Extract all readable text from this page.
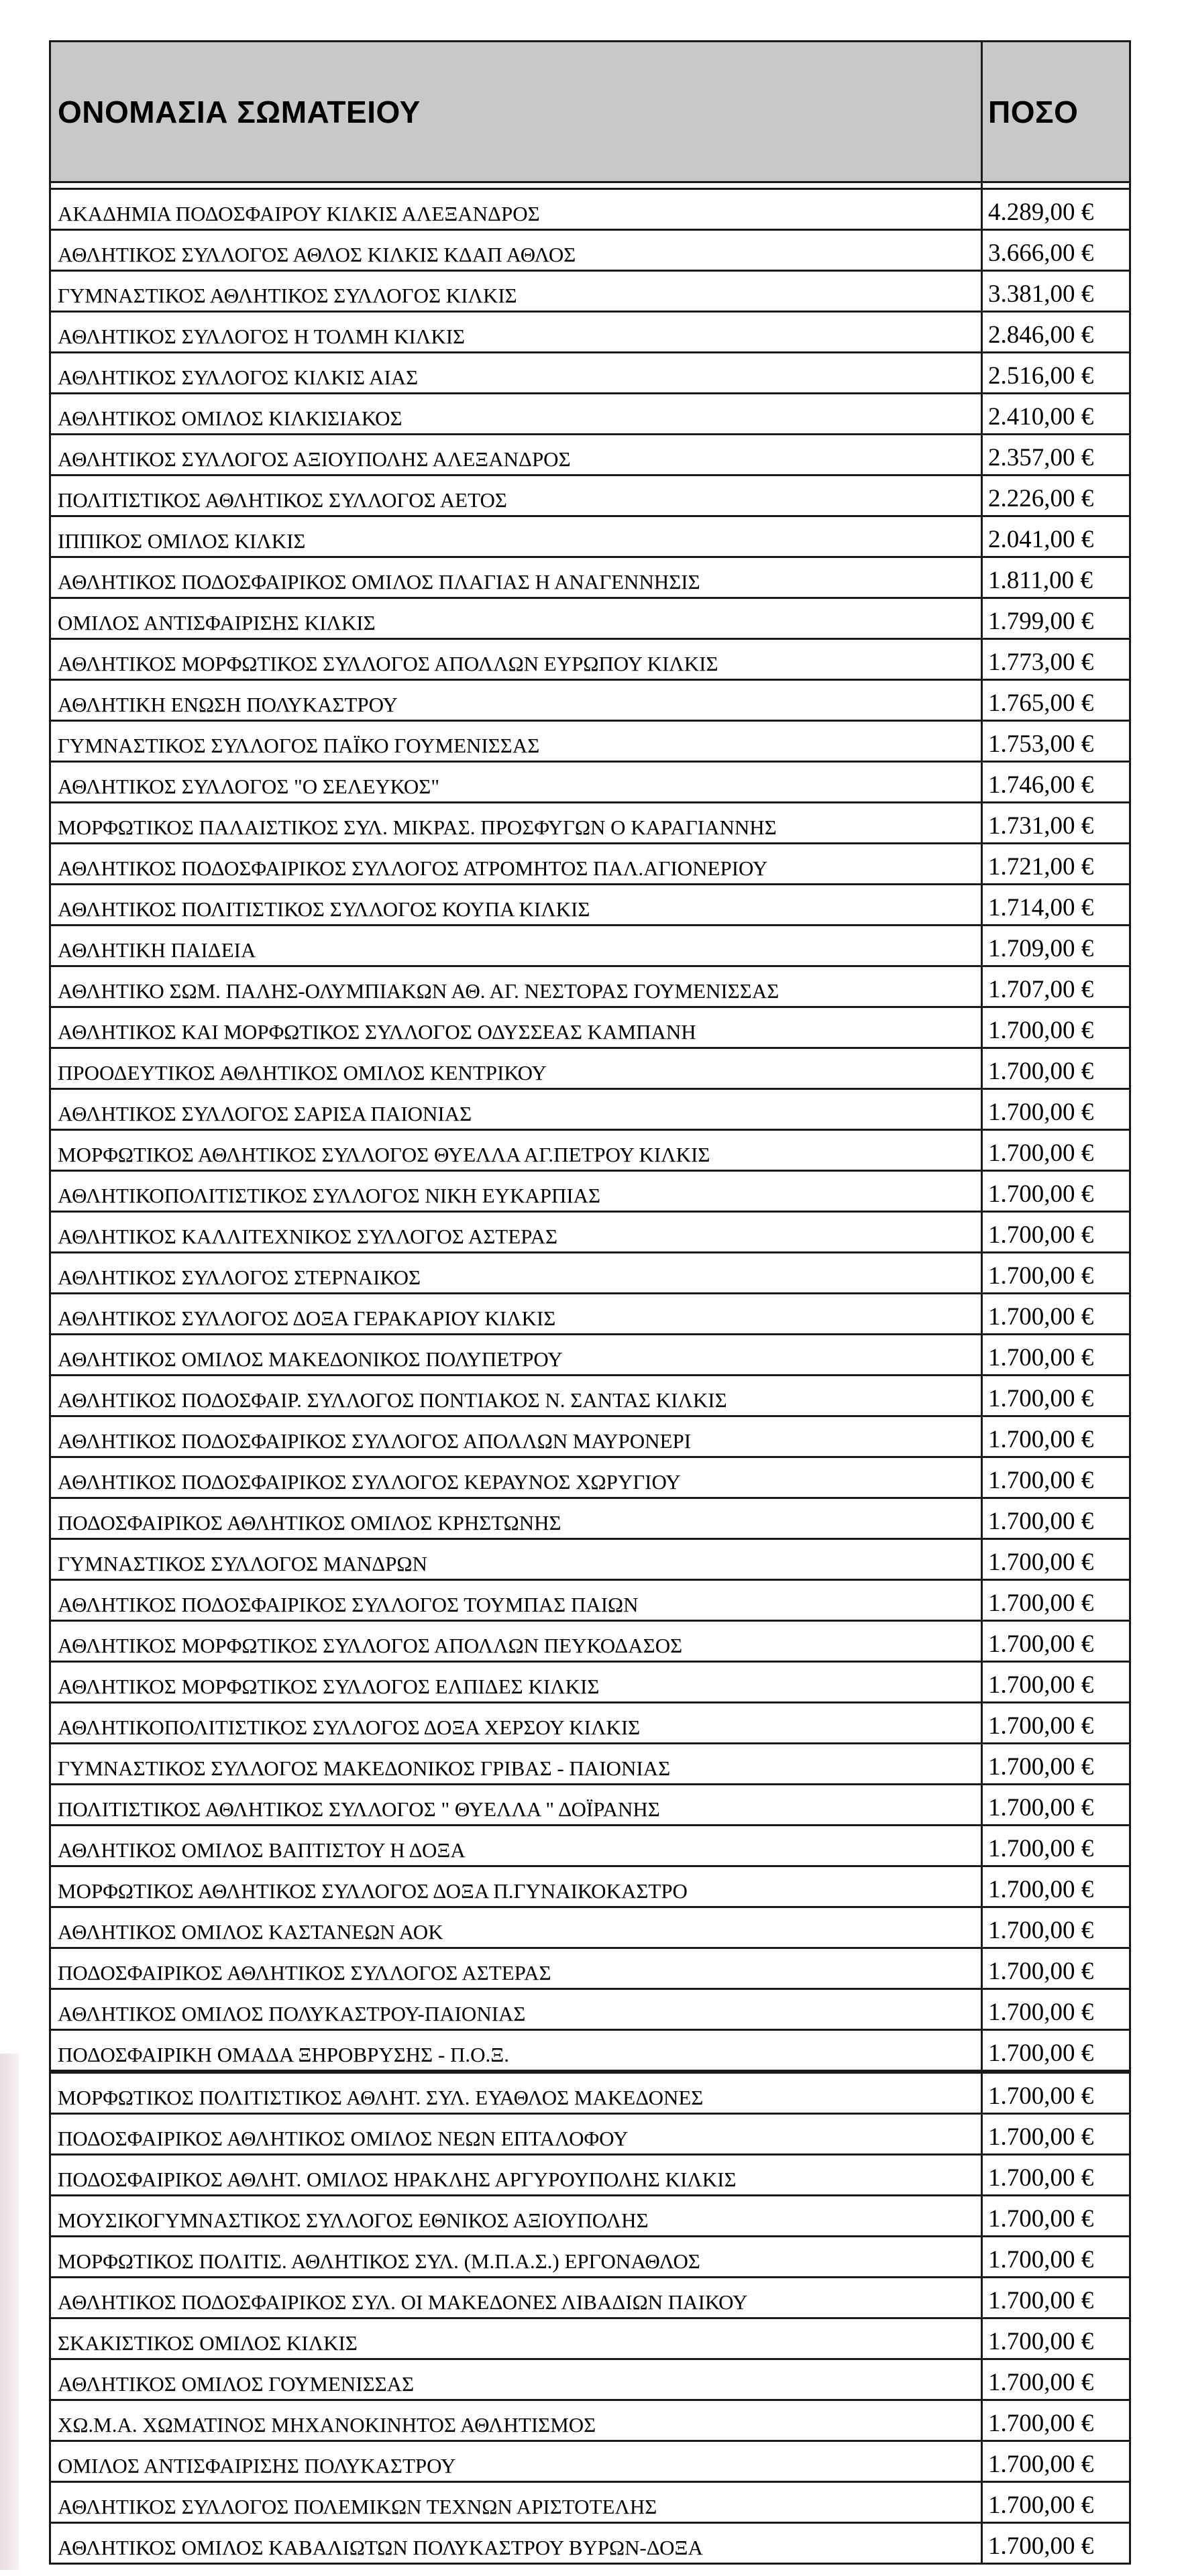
ΟΝΟΜΑΣΙΑ ΣΩΜΑΤΕΙΟΥ	ΠΟΣΟ

ΑΚΑΔΗΜΙΑ ΠΟΔΟΣΦΑΙΡΟΥ ΚΙΛΚΙΣ ΑΛΕΞΑΝΔΡΟΣ	4.289,00 €
ΑΘΛΗΤΙΚΟΣ ΣΥΛΛΟΓΟΣ ΑΘΛΟΣ ΚΙΛΚΙΣ ΚΔΑΠ ΑΘΛΟΣ	3.666,00 €
ΓΥΜΝΑΣΤΙΚΟΣ ΑΘΛΗΤΙΚΟΣ ΣΥΛΛΟΓΟΣ ΚΙΛΚΙΣ	3.381,00 €
ΑΘΛΗΤΙΚΟΣ ΣΥΛΛΟΓΟΣ Η ΤΟΛΜΗ ΚΙΛΚΙΣ	2.846,00 €
ΑΘΛΗΤΙΚΟΣ ΣΥΛΛΟΓΟΣ ΚΙΛΚΙΣ ΑΙΑΣ	2.516,00 €
ΑΘΛΗΤΙΚΟΣ ΟΜΙΛΟΣ ΚΙΛΚΙΣΙΑΚΟΣ	2.410,00 €
ΑΘΛΗΤΙΚΟΣ ΣΥΛΛΟΓΟΣ ΑΞΙΟΥΠΟΛΗΣ ΑΛΕΞΑΝΔΡΟΣ	2.357,00 €
ΠΟΛΙΤΙΣΤΙΚΟΣ ΑΘΛΗΤΙΚΟΣ ΣΥΛΛΟΓΟΣ ΑΕΤΟΣ	2.226,00 €
ΙΠΠΙΚΟΣ ΟΜΙΛΟΣ ΚΙΛΚΙΣ	2.041,00 €
ΑΘΛΗΤΙΚΟΣ ΠΟΔΟΣΦΑΙΡΙΚΟΣ ΟΜΙΛΟΣ ΠΛΑΓΙΑΣ Η ΑΝΑΓΕΝΝΗΣΙΣ	1.811,00 €
ΟΜΙΛΟΣ ΑΝΤΙΣΦΑΙΡΙΣΗΣ ΚΙΛΚΙΣ	1.799,00 €
ΑΘΛΗΤΙΚΟΣ ΜΟΡΦΩΤΙΚΟΣ ΣΥΛΛΟΓΟΣ ΑΠΟΛΛΩΝ ΕΥΡΩΠΟΥ ΚΙΛΚΙΣ	1.773,00 €
ΑΘΛΗΤΙΚΗ ΕΝΩΣΗ ΠΟΛΥΚΑΣΤΡΟΥ	1.765,00 €
ΓΥΜΝΑΣΤΙΚΟΣ ΣΥΛΛΟΓΟΣ ΠΑΪΚΟ ΓΟΥΜΕΝΙΣΣΑΣ	1.753,00 €
ΑΘΛΗΤΙΚΟΣ ΣΥΛΛΟΓΟΣ "Ο ΣΕΛΕΥΚΟΣ"	1.746,00 €
ΜΟΡΦΩΤΙΚΟΣ ΠΑΛΑΙΣΤΙΚΟΣ ΣΥΛ. ΜΙΚΡΑΣ. ΠΡΟΣΦΥΓΩΝ Ο ΚΑΡΑΓΙΑΝΝΗΣ	1.731,00 €
ΑΘΛΗΤΙΚΟΣ ΠΟΔΟΣΦΑΙΡΙΚΟΣ ΣΥΛΛΟΓΟΣ ΑΤΡΟΜΗΤΟΣ ΠΑΛ.ΑΓΙΟΝΕΡΙΟΥ	1.721,00 €
ΑΘΛΗΤΙΚΟΣ ΠΟΛΙΤΙΣΤΙΚΟΣ ΣΥΛΛΟΓΟΣ ΚΟΥΠΑ ΚΙΛΚΙΣ	1.714,00 €
ΑΘΛΗΤΙΚΗ ΠΑΙΔΕΙΑ	1.709,00 €
ΑΘΛΗΤΙΚΟ ΣΩΜ. ΠΑΛΗΣ-ΟΛΥΜΠΙΑΚΩΝ ΑΘ. ΑΓ. ΝΕΣΤΟΡΑΣ ΓΟΥΜΕΝΙΣΣΑΣ	1.707,00 €
ΑΘΛΗΤΙΚΟΣ ΚΑΙ ΜΟΡΦΩΤΙΚΟΣ ΣΥΛΛΟΓΟΣ ΟΔΥΣΣΕΑΣ ΚΑΜΠΑΝΗ	1.700,00 €
ΠΡΟΟΔΕΥΤΙΚΟΣ ΑΘΛΗΤΙΚΟΣ ΟΜΙΛΟΣ ΚΕΝΤΡΙΚΟΥ	1.700,00 €
ΑΘΛΗΤΙΚΟΣ ΣΥΛΛΟΓΟΣ ΣΑΡΙΣΑ ΠΑΙΟΝΙΑΣ	1.700,00 €
ΜΟΡΦΩΤΙΚΟΣ ΑΘΛΗΤΙΚΟΣ ΣΥΛΛΟΓΟΣ ΘΥΕΛΛΑ ΑΓ.ΠΕΤΡΟΥ ΚΙΛΚΙΣ	1.700,00 €
ΑΘΛΗΤΙΚΟΠΟΛΙΤΙΣΤΙΚΟΣ ΣΥΛΛΟΓΟΣ ΝΙΚΗ ΕΥΚΑΡΠΙΑΣ	1.700,00 €
ΑΘΛΗΤΙΚΟΣ ΚΑΛΛΙΤΕΧΝΙΚΟΣ ΣΥΛΛΟΓΟΣ ΑΣΤΕΡΑΣ	1.700,00 €
ΑΘΛΗΤΙΚΟΣ ΣΥΛΛΟΓΟΣ ΣΤΕΡΝΑΙΚΟΣ	1.700,00 €
ΑΘΛΗΤΙΚΟΣ ΣΥΛΛΟΓΟΣ ΔΟΞΑ ΓΕΡΑΚΑΡΙΟΥ ΚΙΛΚΙΣ	1.700,00 €
ΑΘΛΗΤΙΚΟΣ ΟΜΙΛΟΣ ΜΑΚΕΔΟΝΙΚΟΣ ΠΟΛΥΠΕΤΡΟΥ	1.700,00 €
ΑΘΛΗΤΙΚΟΣ ΠΟΔΟΣΦΑΙΡ. ΣΥΛΛΟΓΟΣ ΠΟΝΤΙΑΚΟΣ Ν. ΣΑΝΤΑΣ ΚΙΛΚΙΣ	1.700,00 €
ΑΘΛΗΤΙΚΟΣ ΠΟΔΟΣΦΑΙΡΙΚΟΣ ΣΥΛΛΟΓΟΣ ΑΠΟΛΛΩΝ ΜΑΥΡΟΝΕΡΙ	1.700,00 €
ΑΘΛΗΤΙΚΟΣ ΠΟΔΟΣΦΑΙΡΙΚΟΣ ΣΥΛΛΟΓΟΣ ΚΕΡΑΥΝΟΣ ΧΩΡΥΓΙΟΥ	1.700,00 €
ΠΟΔΟΣΦΑΙΡΙΚΟΣ ΑΘΛΗΤΙΚΟΣ ΟΜΙΛΟΣ ΚΡΗΣΤΩΝΗΣ	1.700,00 €
ΓΥΜΝΑΣΤΙΚΟΣ ΣΥΛΛΟΓΟΣ ΜΑΝΔΡΩΝ	1.700,00 €
ΑΘΛΗΤΙΚΟΣ ΠΟΔΟΣΦΑΙΡΙΚΟΣ ΣΥΛΛΟΓΟΣ ΤΟΥΜΠΑΣ ΠΑΙΩΝ	1.700,00 €
ΑΘΛΗΤΙΚΟΣ ΜΟΡΦΩΤΙΚΟΣ ΣΥΛΛΟΓΟΣ ΑΠΟΛΛΩΝ ΠΕΥΚΟΔΑΣΟΣ	1.700,00 €
ΑΘΛΗΤΙΚΟΣ ΜΟΡΦΩΤΙΚΟΣ ΣΥΛΛΟΓΟΣ ΕΛΠΙΔΕΣ ΚΙΛΚΙΣ	1.700,00 €
ΑΘΛΗΤΙΚΟΠΟΛΙΤΙΣΤΙΚΟΣ ΣΥΛΛΟΓΟΣ ΔΟΞΑ ΧΕΡΣΟΥ ΚΙΛΚΙΣ	1.700,00 €
ΓΥΜΝΑΣΤΙΚΟΣ ΣΥΛΛΟΓΟΣ ΜΑΚΕΔΟΝΙΚΟΣ ΓΡΙΒΑΣ - ΠΑΙΟΝΙΑΣ	1.700,00 €
ΠΟΛΙΤΙΣΤΙΚΟΣ ΑΘΛΗΤΙΚΟΣ ΣΥΛΛΟΓΟΣ " ΘΥΕΛΛΑ " ΔΟΪΡΑΝΗΣ	1.700,00 €
ΑΘΛΗΤΙΚΟΣ ΟΜΙΛΟΣ ΒΑΠΤΙΣΤΟΥ Η ΔΟΞΑ	1.700,00 €
ΜΟΡΦΩΤΙΚΟΣ ΑΘΛΗΤΙΚΟΣ ΣΥΛΛΟΓΟΣ ΔΟΞΑ Π.ΓΥΝΑΙΚΟΚΑΣΤΡΟ	1.700,00 €
ΑΘΛΗΤΙΚΟΣ ΟΜΙΛΟΣ ΚΑΣΤΑΝΕΩΝ ΑΟΚ	1.700,00 €
ΠΟΔΟΣΦΑΙΡΙΚΟΣ ΑΘΛΗΤΙΚΟΣ ΣΥΛΛΟΓΟΣ ΑΣΤΕΡΑΣ	1.700,00 €
ΑΘΛΗΤΙΚΟΣ ΟΜΙΛΟΣ ΠΟΛΥΚΑΣΤΡΟΥ-ΠΑΙΟΝΙΑΣ	1.700,00 €
ΠΟΔΟΣΦΑΙΡΙΚΗ ΟΜΑΔΑ ΞΗΡΟΒΡΥΣΗΣ - Π.Ο.Ξ.	1.700,00 €
ΜΟΡΦΩΤΙΚΟΣ ΠΟΛΙΤΙΣΤΙΚΟΣ ΑΘΛΗΤ. ΣΥΛ. ΕΥΑΘΛΟΣ ΜΑΚΕΔΟΝΕΣ	1.700,00 €
ΠΟΔΟΣΦΑΙΡΙΚΟΣ ΑΘΛΗΤΙΚΟΣ ΟΜΙΛΟΣ ΝΕΩΝ ΕΠΤΑΛΟΦΟΥ	1.700,00 €
ΠΟΔΟΣΦΑΙΡΙΚΟΣ ΑΘΛΗΤ. ΟΜΙΛΟΣ ΗΡΑΚΛΗΣ ΑΡΓΥΡΟΥΠΟΛΗΣ ΚΙΛΚΙΣ	1.700,00 €
ΜΟΥΣΙΚΟΓΥΜΝΑΣΤΙΚΟΣ ΣΥΛΛΟΓΟΣ ΕΘΝΙΚΟΣ ΑΞΙΟΥΠΟΛΗΣ	1.700,00 €
ΜΟΡΦΩΤΙΚΟΣ ΠΟΛΙΤΙΣ. ΑΘΛΗΤΙΚΟΣ ΣΥΛ. (Μ.Π.Α.Σ.) ΕΡΓΟΝΑΘΛΟΣ	1.700,00 €
ΑΘΛΗΤΙΚΟΣ ΠΟΔΟΣΦΑΙΡΙΚΟΣ ΣΥΛ. ΟΙ ΜΑΚΕΔΟΝΕΣ ΛΙΒΑΔΙΩΝ ΠΑΙΚΟΥ	1.700,00 €
ΣΚΑΚΙΣΤΙΚΟΣ ΟΜΙΛΟΣ ΚΙΛΚΙΣ	1.700,00 €
ΑΘΛΗΤΙΚΟΣ ΟΜΙΛΟΣ ΓΟΥΜΕΝΙΣΣΑΣ	1.700,00 €
ΧΩ.Μ.Α. ΧΩΜΑΤΙΝΟΣ ΜΗΧΑΝΟΚΙΝΗΤΟΣ ΑΘΛΗΤΙΣΜΟΣ	1.700,00 €
ΟΜΙΛΟΣ ΑΝΤΙΣΦΑΙΡΙΣΗΣ ΠΟΛΥΚΑΣΤΡΟΥ	1.700,00 €
ΑΘΛΗΤΙΚΟΣ ΣΥΛΛΟΓΟΣ ΠΟΛΕΜΙΚΩΝ ΤΕΧΝΩΝ ΑΡΙΣΤΟΤΕΛΗΣ	1.700,00 €
ΑΘΛΗΤΙΚΟΣ ΟΜΙΛΟΣ ΚΑΒΑΛΙΩΤΩΝ ΠΟΛΥΚΑΣΤΡΟΥ ΒΥΡΩΝ-ΔΟΞΑ	1.700,00 €
